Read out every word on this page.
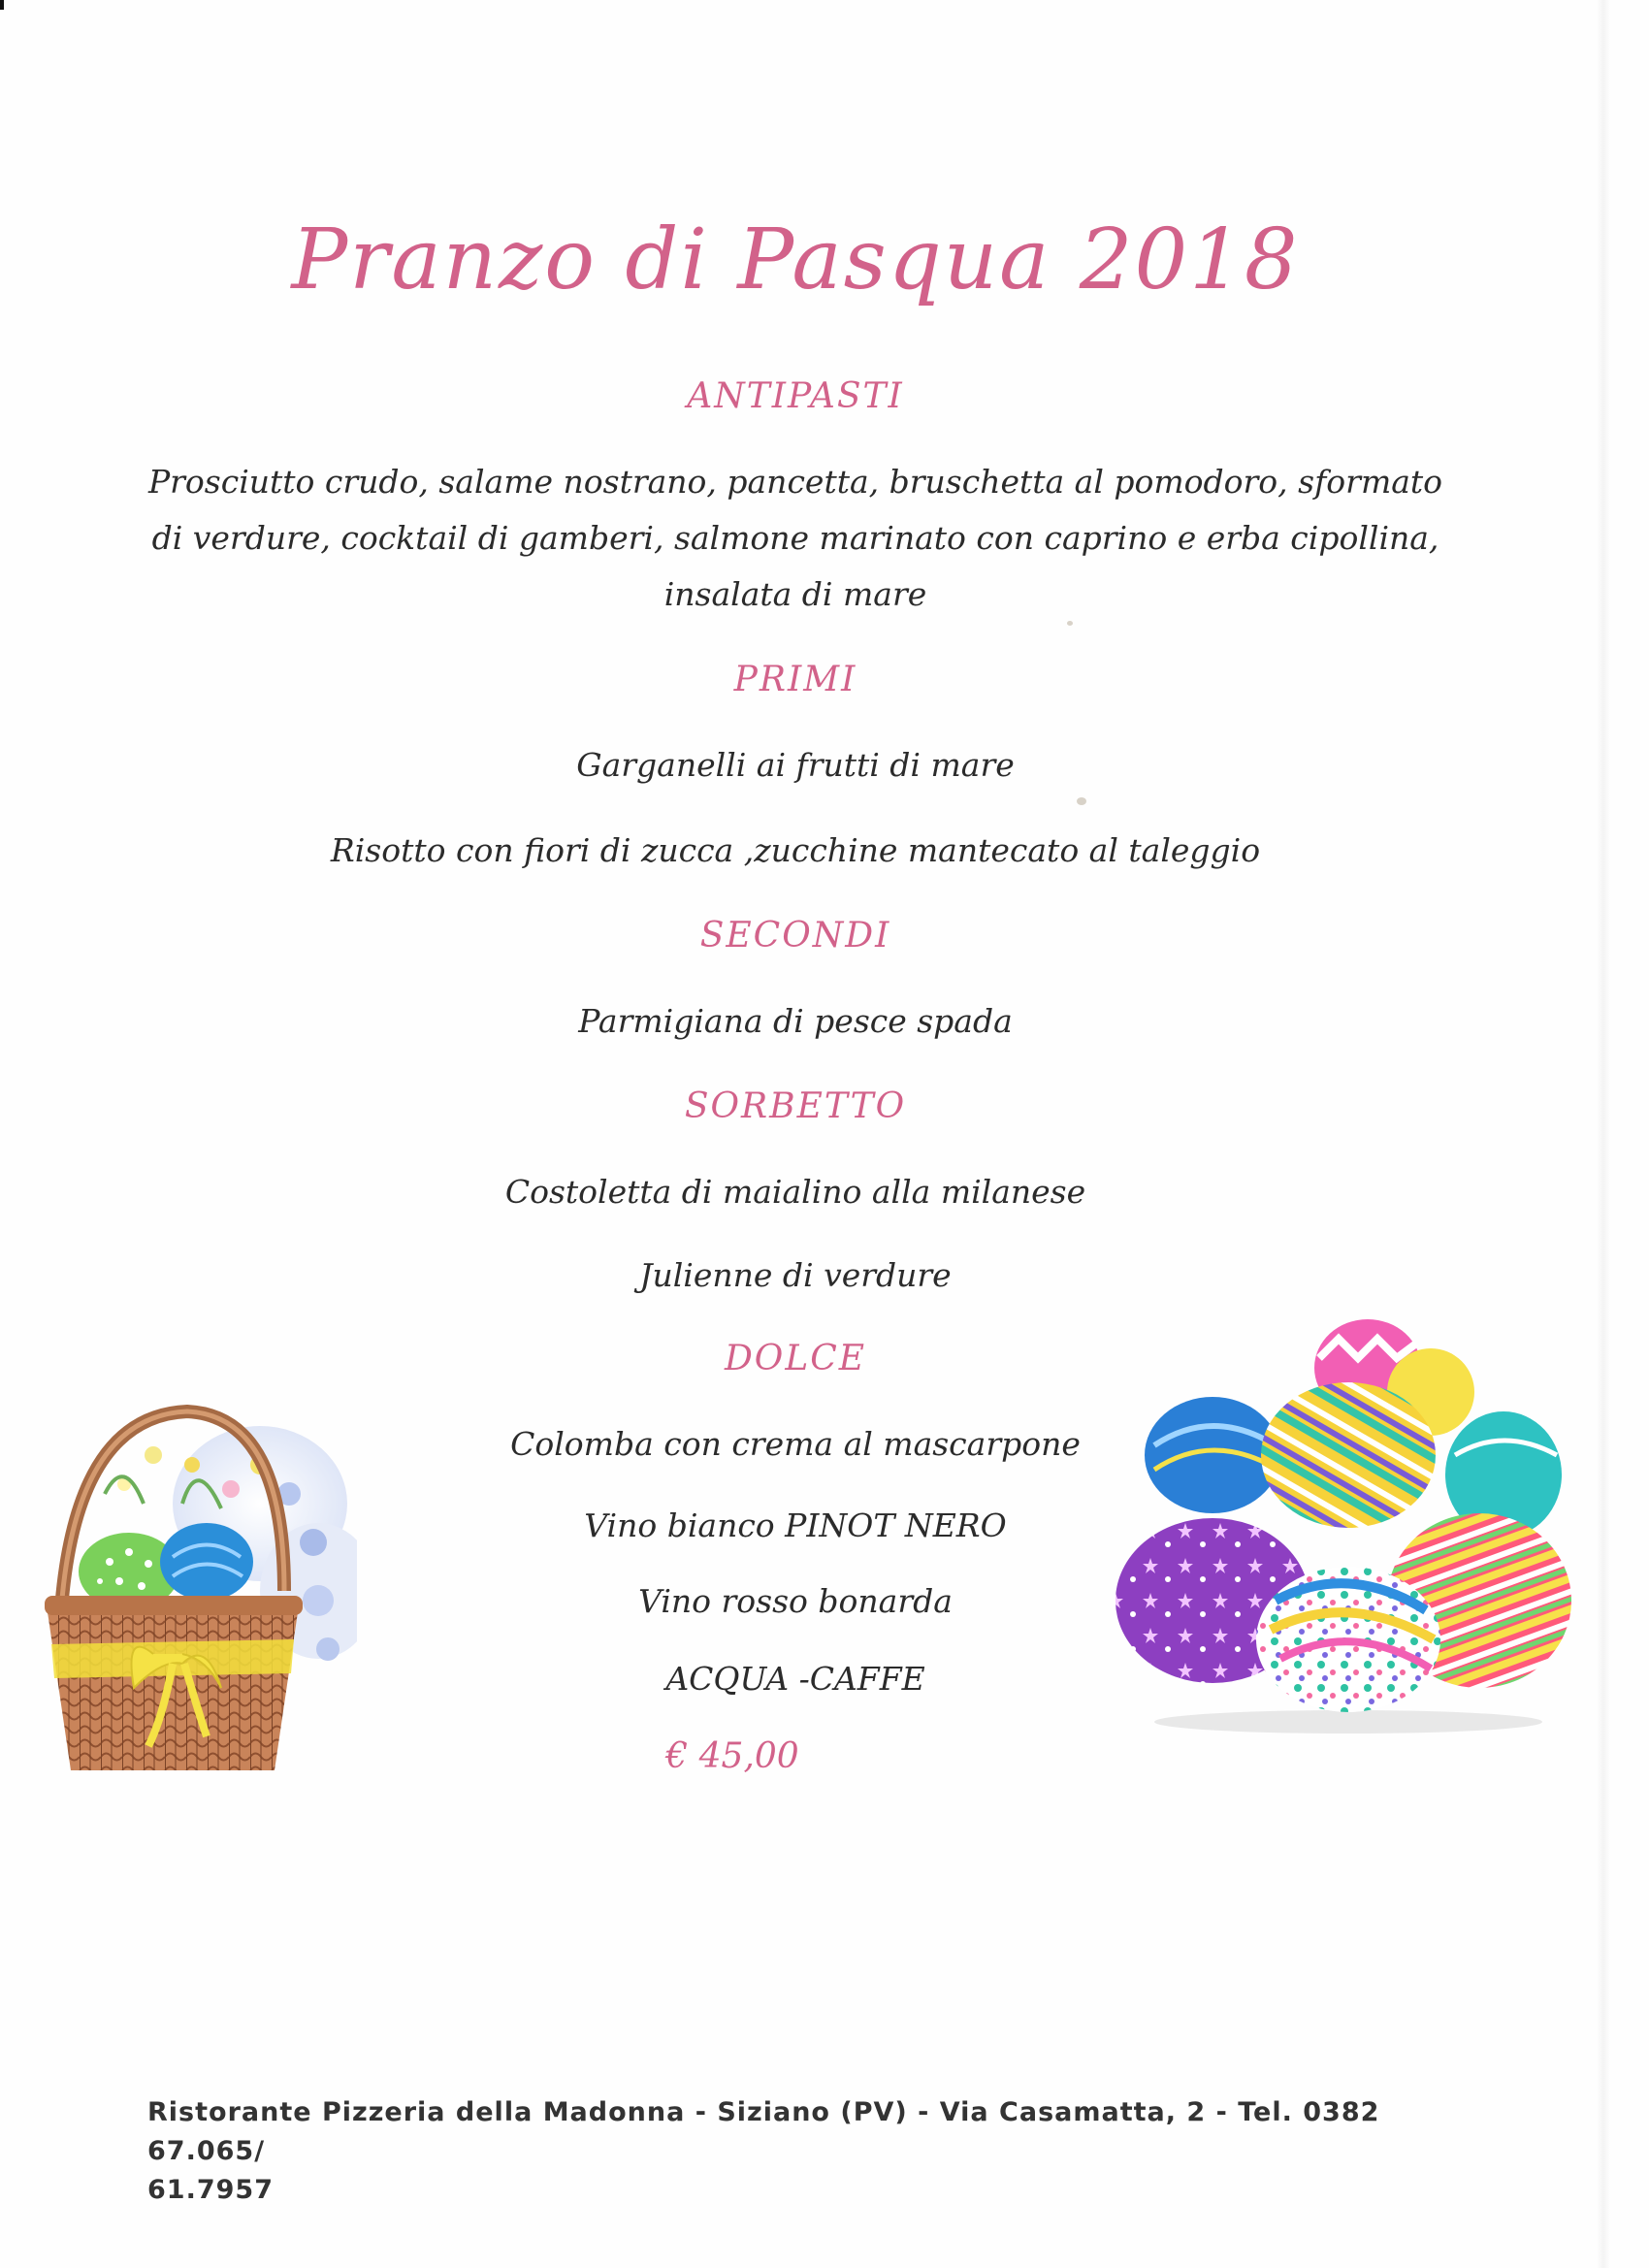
Pranzo di Pasqua 2018
ANTIPASTI
Prosciutto crudo, salame nostrano, pancetta, bruschetta al pomodoro, sformato di verdure, cocktail di gamberi, salmone marinato con caprino e erba cipollina, insalata di mare
PRIMI
Garganelli ai frutti di mare
Risotto con fiori di zucca ,zucchine mantecato al taleggio
SECONDI
Parmigiana di pesce spada
SORBETTO
Costoletta di maialino alla milanese
Julienne di verdure
DOLCE
Colomba con crema al mascarpone
Vino bianco PINOT NERO
Vino rosso bonarda
ACQUA -CAFFE
€ 45,00
Ristorante Pizzeria della Madonna - Siziano (PV) - Via Casamatta, 2 - Tel. 0382 67.065/
61.7957
